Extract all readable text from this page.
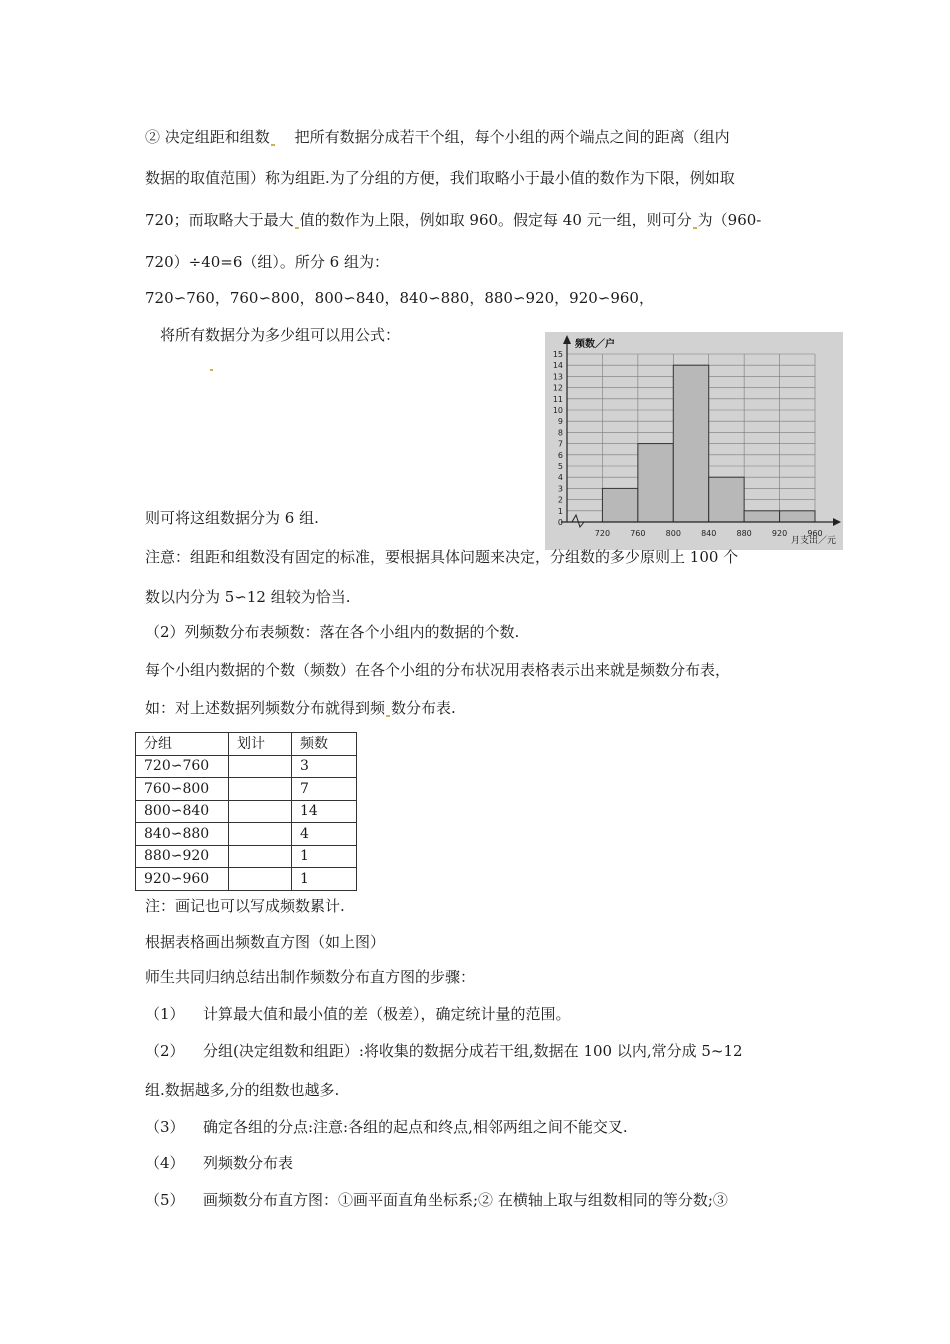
② 决定组距和组数 把所有数据分成若干个组，每个小组的两个端点之间的距离（组内
数据的取值范围）称为组距.为了分组的方便，我们取略小于最小值的数作为下限，例如取
720；而取略大于最大 值的数作为上限，例如取 960。假定每 40 元一组，则可分 为（960-
720）÷40=6（组）。所分 6 组为：
720∽760，760∽800，800∽840，840∽880，880∽920，920∽960，
将所有数据分为多少组可以用公式：
0
1
2
3
4
5
6
7
8
9
10
11
12
13
14
15
720	760	800	840	880	920	960
频数／户
月支出／元
则可将这组数据分为 6 组.
注意：组距和组数没有固定的标准，要根据具体问题来决定，分组数的多少原则上 100 个
数以内分为 5∽12 组较为恰当.
（2）列频数分布表频数：落在各个小组内的数据的个数.
每个小组内数据的个数（频数）在各个小组的分布状况用表格表示出来就是频数分布表，
如：对上述数据列频数分布就得到频 数分布表.
分组	划计	频数
720∽760		3
760∽800		7
800∽840		14
840∽880		4
880∽920		1
920∽960		1
注：画记也可以写成频数累计.
根据表格画出频数直方图（如上图）
师生共同归纳总结出制作频数分布直方图的步骤：
（1） 计算最大值和最小值的差（极差），确定统计量的范围。
（2） 分组(决定组数和组距）:将收集的数据分成若干组,数据在 100 以内,常分成 5~12
组.数据越多,分的组数也越多.
（3） 确定各组的分点:注意:各组的起点和终点,相邻两组之间不能交叉.
（4） 列频数分布表
（5） 画频数分布直方图：①画平面直角坐标系;② 在横轴上取与组数相同的等分数;③
